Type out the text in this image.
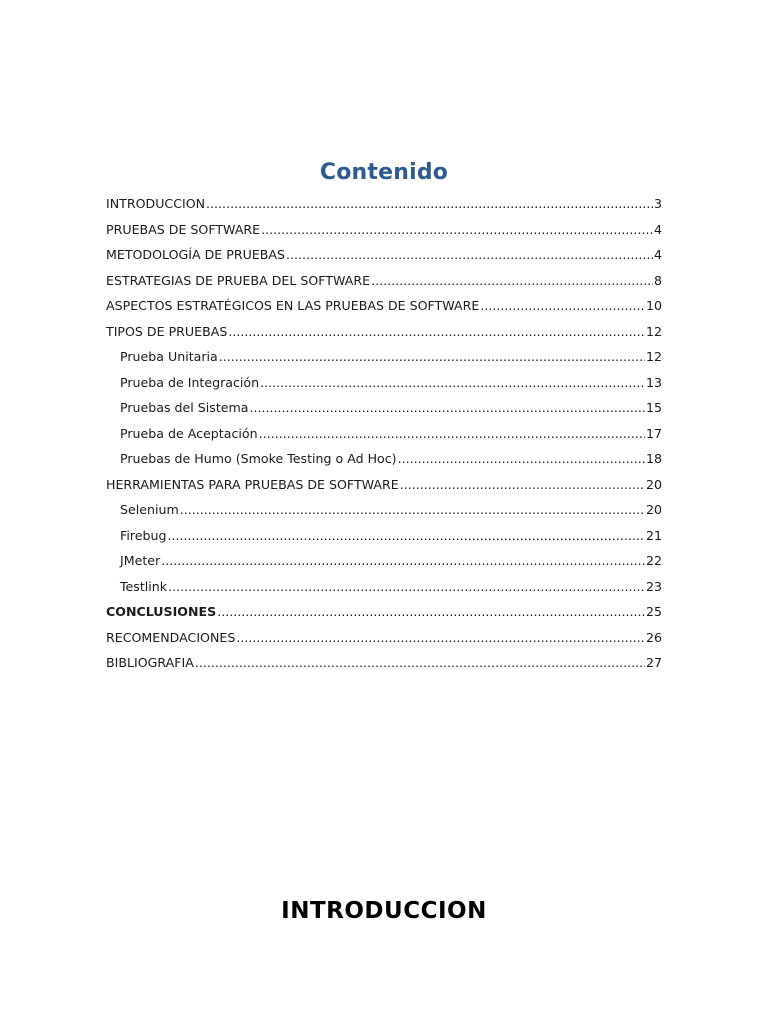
Contenido
INTRODUCCION .....	3
PRUEBAS DE SOFTWARE .....	4
METODOLOGÍA DE PRUEBAS .....	4
ESTRATEGIAS DE PRUEBA DEL SOFTWARE .....	8
ASPECTOS ESTRATÉGICOS EN LAS PRUEBAS DE SOFTWARE .....	10
TIPOS DE PRUEBAS .....	12
Prueba Unitaria .....	12
Prueba de Integración .....	13
Pruebas del Sistema .....	15
Prueba de Aceptación .....	17
Pruebas de Humo (Smoke Testing o Ad Hoc) .....	18
HERRAMIENTAS PARA PRUEBAS DE SOFTWARE .....	20
Selenium .....	20
Firebug .....	21
JMeter .....	22
Testlink .....	23
CONCLUSIONES .....	25
RECOMENDACIONES .....	26
BIBLIOGRAFIA .....	27
INTRODUCCION
